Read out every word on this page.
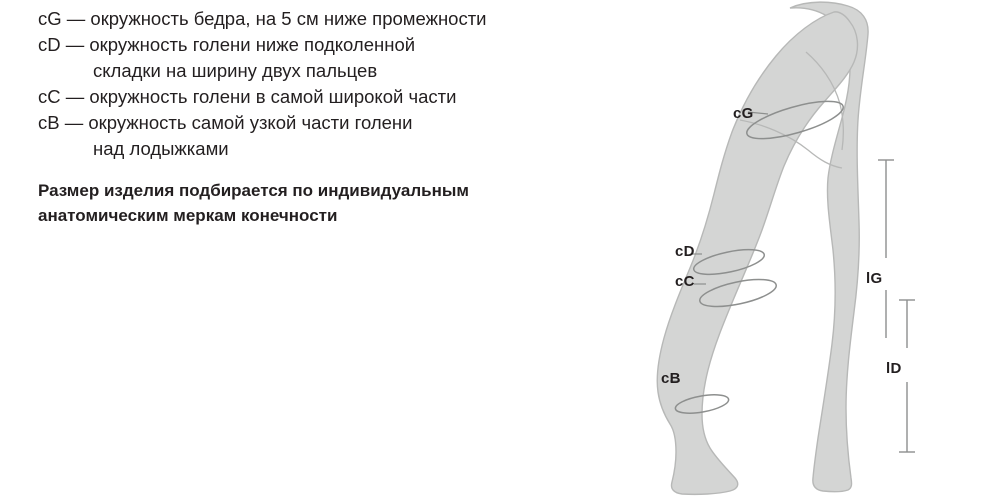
cG — окружность бедра, на 5 см ниже промежности
cD — окружность голени ниже подколенной
складки на ширину двух пальцев
cC — окружность голени в самой широкой части
cB — окружность самой узкой части голени
над лодыжками
Размер изделия подбирается по индивидуальным
анатомическим меркам конечности
cG
cD
cC
cB
lG
lD
